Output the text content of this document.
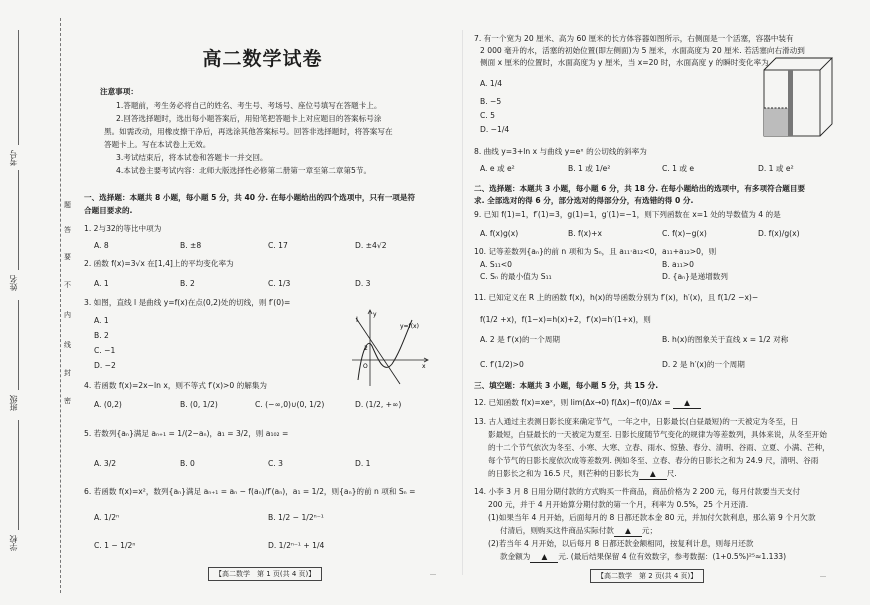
考号
姓名
班级
学校
题
答
要
不
内
线
封
密
高二数学试卷
注意事项：
1.答题前，考生务必将自己的姓名、考生号、考场号、座位号填写在答题卡上。
2.回答选择题时，选出每小题答案后，用铅笔把答题卡上对应题目的答案标号涂
黑。如需改动，用橡皮擦干净后，再选涂其他答案标号。回答非选择题时，将答案写在
答题卡上。写在本试卷上无效。
3.考试结束后，将本试卷和答题卡一并交回。
4.本试卷主要考试内容：北师大版选择性必修第二册第一章至第二章第5节。
一、选择题：本题共 8 小题，每小题 5 分，共 40 分. 在每小题给出的四个选项中，只有一项是符
合题目要求的.
1. 2与32的等比中项为
A. 8	B. ±8	C. 17	D. ±4√2
2. 函数 f(x)=3√x 在[1,4]上的平均变化率为
A. 1	B. 2	C. 1/3	D. 3
3. 如图，直线 l 是曲线 y=f(x)在点(0,2)处的切线，则 f′(0)=
A. 1
B. 2
C. −1
D. −2
l
y=f(x)
y
x
2
O
4. 若函数 f(x)=2x−ln x，则不等式 f′(x)>0 的解集为
A. (0,2)	B. (0, 1/2)	C. (−∞,0)∪(0, 1/2)	D. (1/2, +∞)
5. 若数列{aₙ}满足 aₙ₊₁ = 1/(2−aₙ)，a₁ = 3/2，则 a₁₀₂ =
A. 3/2	B. 0	C. 3	D. 1
6. 若函数 f(x)=x²，数列{aₙ}满足 aₙ₊₁ = aₙ − f(aₙ)/f′(aₙ)，a₁ = 1/2，则{aₙ}的前 n 项和 Sₙ =
A. 1/2ⁿ	B. 1/2 − 1/2ⁿ⁻¹
C. 1 − 1/2ⁿ	D. 1/2ⁿ⁻¹ + 1/4
【高二数学　第 1 页(共 4 页)】	…
7. 有一个宽为 20 厘米、高为 60 厘米的长方体容器如图所示，右侧面是一个活塞，容器中装有
2 000 毫升的水，活塞的初始位置(即左侧面)为 5 厘米，水面高度为 20 厘米. 若活塞向右滑动到
侧面 x 厘米的位置时，水面高度为 y 厘米，当 x=20 时，水面高度 y 的瞬时变化率为
A. 1/4
B. −5
C. 5
D. −1/4
8. 曲线 y=3+ln x 与曲线 y=eˣ 的公切线的斜率为
A. e 或 e²	B. 1 或 1/e²	C. 1 或 e	D. 1 或 e²
二、选择题：本题共 3 小题，每小题 6 分，共 18 分. 在每小题给出的选项中，有多项符合题目要
求. 全部选对的得 6 分，部分选对的得部分分，有选错的得 0 分.
9. 已知 f(1)=1，f′(1)=3，g(1)=1，g′(1)=−1，则下列函数在 x=1 处的导数值为 4 的是
A. f(x)g(x)	B. f(x)+x	C. f(x)−g(x)	D. f(x)/g(x)
10. 记等差数列{aₙ}的前 n 项和为 Sₙ，且 a₁₁·a₁₂<0，a₁₁+a₁₂>0，则
A. S₁₁<0	B. a₁₁>0
C. Sₙ 的最小值为 S₁₁	D. {aₙ}是递增数列
11. 已知定义在 R 上的函数 f(x)，h(x)的导函数分别为 f′(x)，h′(x)，且 f(1/2 −x)−
f(1/2 +x)，f(1−x)=h(x)+2，f′(x)=h′(1+x)，则
A. 2 是 f′(x)的一个周期	B. h(x)的图象关于直线 x = 1/2 对称
C. f′(1/2)>0	D. 2 是 h′(x)的一个周期
三、填空题：本题共 3 小题，每小题 5 分，共 15 分.
12. 已知函数 f(x)=xeˣ，则 lim(Δx→0) f(Δx)−f(0)/Δx = ▲
13. 古人通过主表测日影长度来确定节气，一年之中，日影最长(白昼最短)的一天被定为冬至，日
影最短，白昼最长的一天被定为夏至. 日影长度随节气变化的规律为等差数列，具体来说，从冬至开始
的十二个节气依次为冬至、小寒、大寒、立春、雨水、惊蛰、春分、清明、谷雨、立夏、小满、芒种，
每个节气的日影长度依次成等差数列. 例如冬至、立春、春分的日影长之和为 24.9 尺，清明、谷雨
的日影长之和为 16.5 尺，则芒种的日影长为 ▲ 尺.
14. 小李 3 月 8 日用分期付款的方式购买一件商品，商品价格为 2 200 元，每月付款要当天支付
200 元，并于 4 月开始算分期付款的第一个月，利率为 0.5%，25 个月还清.
(1)如果当年 4 月开始，后面每月的 8 日都还款本金 80 元，并加付欠款利息，那么第 9 个月欠款
付清后，则购买这件商品实际付款 ▲ 元；
(2)若当年 4 月开始，以后每月 8 日都还款金额相同，按复利计息，则每月还款
款金额为 ▲ 元. (最后结果保留 4 位有效数字，参考数据：(1+0.5%)²⁵≈1.133)
【高二数学　第 2 页(共 4 页)】	…
